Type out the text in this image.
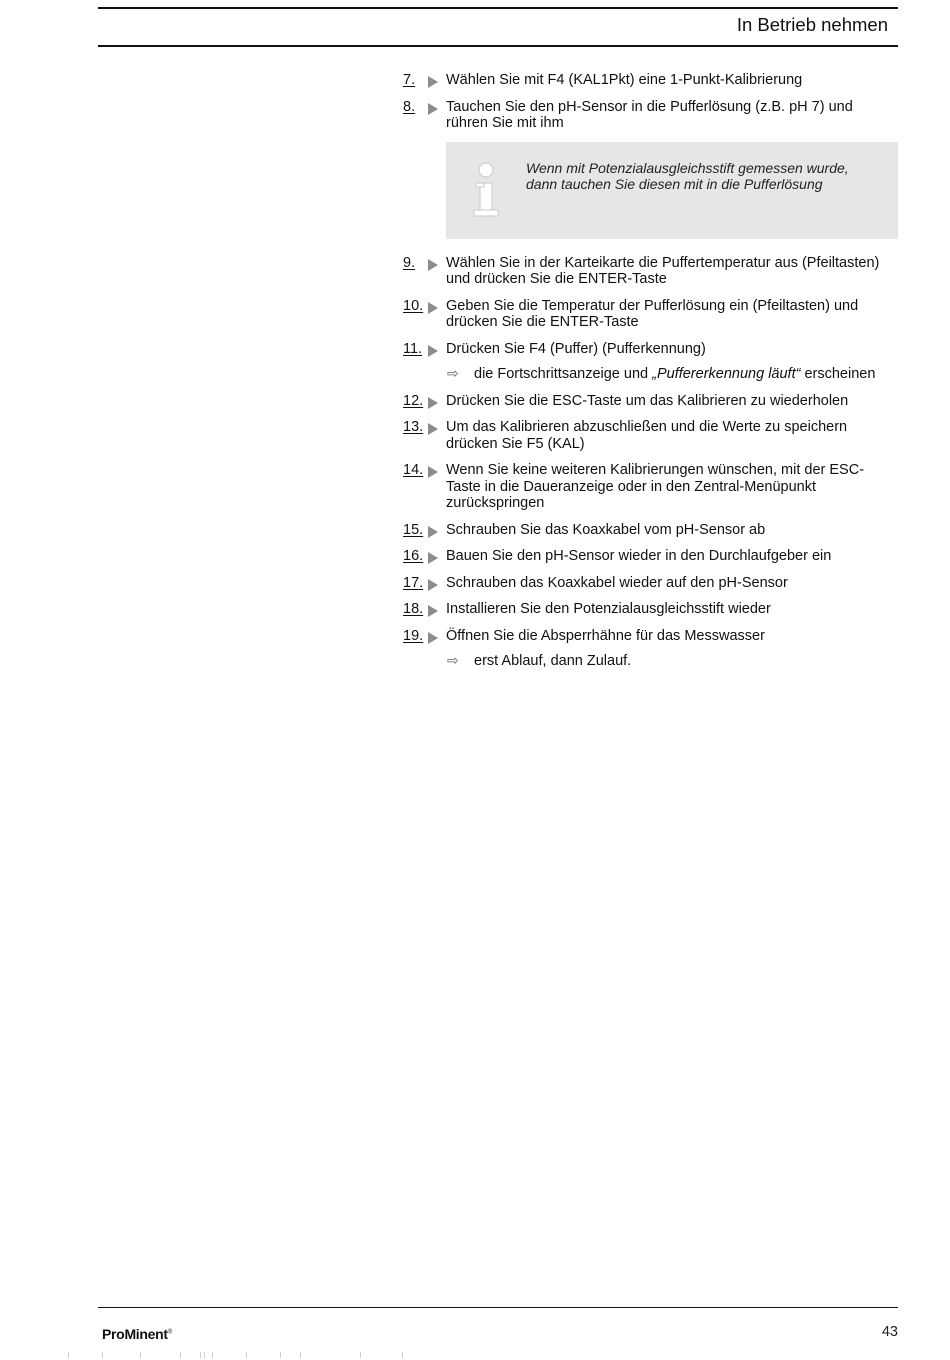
In Betrieb nehmen
7.	Wählen Sie mit F4 (KAL1Pkt) eine 1-Punkt-Kalibrierung
8.	Tauchen Sie den pH-Sensor in die Pufferlösung (z.B. pH 7) und rühren Sie mit ihm
Wenn mit Potenzialausgleichsstift gemessen wurde, dann tauchen Sie diesen mit in die Pufferlösung
9.	Wählen Sie in der Karteikarte die Puffertemperatur aus (Pfeiltasten) und drücken Sie die ENTER-Taste
10.	Geben Sie die Temperatur der Pufferlösung ein (Pfeiltasten) und drücken Sie die ENTER-Taste
11.	Drücken Sie F4 (Puffer) (Pufferkennung)
⇨ die Fortschrittsanzeige und „Puffererkennung läuft“ erscheinen
12.	Drücken Sie die ESC-Taste um das Kalibrieren zu wiederholen
13.	Um das Kalibrieren abzuschließen und die Werte zu speichern drücken Sie F5 (KAL)
14.	Wenn Sie keine weiteren Kalibrierungen wünschen, mit der ESC-Taste in die Daueranzeige oder in den Zentral-Menüpunkt zurückspringen
15.	Schrauben Sie das Koaxkabel vom pH-Sensor ab
16.	Bauen Sie den pH-Sensor wieder in den Durchlaufgeber ein
17.	Schrauben das Koaxkabel wieder auf den pH-Sensor
18.	Installieren Sie den Potenzialausgleichsstift wieder
19.	Öffnen Sie die Absperrhähne für das Messwasser
⇨ erst Ablauf, dann Zulauf.
ProMinent®	43
